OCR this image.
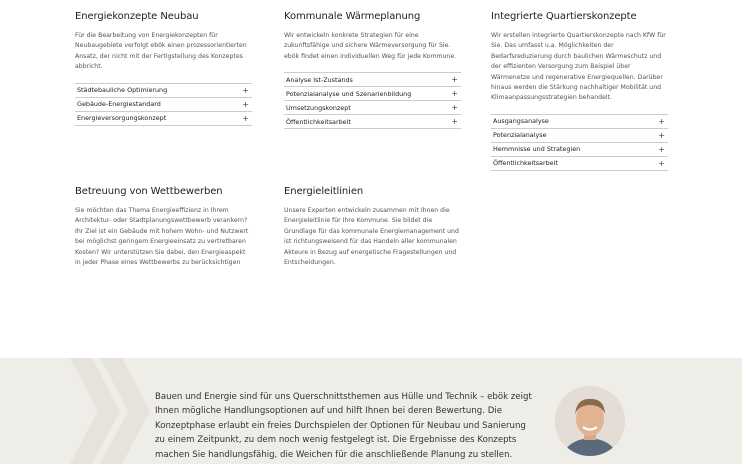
Energiekonzepte Neubau

Für die Bearbeitung von Energiekonzepten für Neubaugebiete verfolgt ebök einen prozessorientierten Ansatz, der nicht mit der Fertigstellung des Konzeptes abbricht.

Städtebauliche Optimierung	+
Gebäude-Energiestandard	+
Energieversorgungskonzept	+
Kommunale Wärmeplanung

Wir entwickeln konkrete Strategien für eine zukunftsfähige und sichere Wärmeversorgung für Sie. ebök findet einen individuellen Weg für jede Kommune.

Analyse Ist-Zustands	+
Potenzialanalyse und Szenarienbildung	+
Umsetzungskonzept	+
Öffentlichkeitsarbeit	+
Integrierte Quartierskonzepte

Wir erstellen integrierte Quartierskonzepte nach KfW für Sie. Das umfasst u.a. Möglichkeiten der Bedarfsreduzierung durch baulichen Wärmeschutz und der effizienten Versorgung zum Beispiel über Wärmenetze und regenerative Energiequellen. Darüber hinaus werden die Stärkung nachhaltiger Mobilität und Klimaanpassungsstrategien behandelt.

Ausgangsanalyse	+
Potenzialanalyse	+
Hemmnisse und Strategien	+
Öffentlichkeitsarbeit	+
Betreuung von Wettbewerben

Sie möchten das Thema Energieeffizienz in Ihrem Architektur- oder Stadtplanungswettbewerb verankern? Ihr Ziel ist ein Gebäude mit hohem Wohn- und Nutzwert bei möglichst geringem Energieeinsatz zu vertretbaren Kosten? Wir unterstützen Sie dabei, den Energieaspekt in jeder Phase eines Wettbewerbs zu berücksichtigen

Energieleitlinien

Unsere Experten entwickeln zusammen mit Ihnen die Energieleitlinie für Ihre Kommune. Sie bildet die Grundlage für das kommunale Energiemanagement und ist richtungsweisend für das Handeln aller kommunalen Akteure in Bezug auf energetische Fragestellungen und Entscheidungen.

Bauen und Energie sind für uns Querschnittsthemen aus Hülle und Technik – ebök zeigt Ihnen mögliche Handlungsoptionen auf und hilft Ihnen bei deren Bewertung. Die Konzeptphase erlaubt ein freies Durchspielen der Optionen für Neubau und Sanierung zu einem Zeitpunkt, zu dem noch wenig festgelegt ist. Die Ergebnisse des Konzepts machen Sie handlungsfähig, die Weichen für die anschließende Planung zu stellen.
